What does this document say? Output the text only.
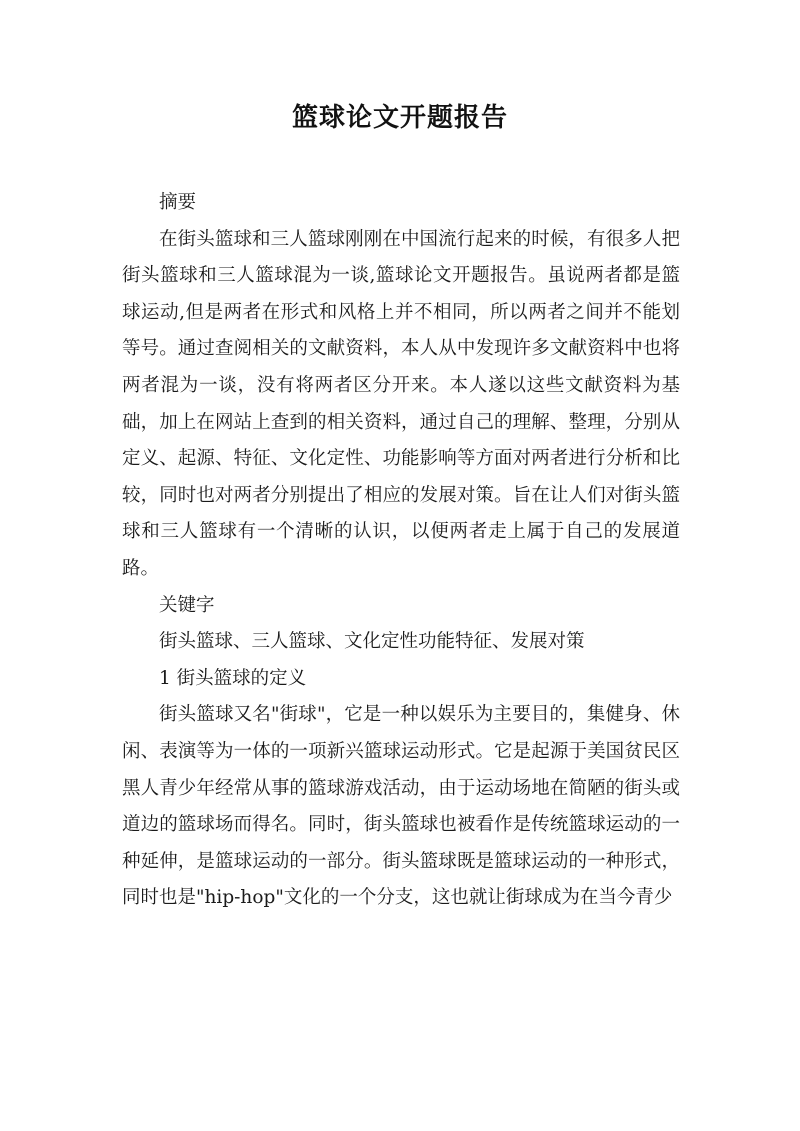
篮球论文开题报告

摘要

在街头篮球和三人篮球刚刚在中国流行起来的时候，有很多人把街头篮球和三人篮球混为一谈,篮球论文开题报告。虽说两者都是篮球运动,但是两者在形式和风格上并不相同，所以两者之间并不能划等号。通过查阅相关的文献资料，本人从中发现许多文献资料中也将两者混为一谈，没有将两者区分开来。本人遂以这些文献资料为基础，加上在网站上查到的相关资料，通过自己的理解、整理，分别从定义、起源、特征、文化定性、功能影响等方面对两者进行分析和比较，同时也对两者分别提出了相应的发展对策。旨在让人们对街头篮球和三人篮球有一个清晰的认识，以便两者走上属于自己的发展道路。

关键字

街头篮球、三人篮球、文化定性功能特征、发展对策

1 街头篮球的定义

街头篮球又名"街球"，它是一种以娱乐为主要目的，集健身、休闲、表演等为一体的一项新兴篮球运动形式。它是起源于美国贫民区黑人青少年经常从事的篮球游戏活动，由于运动场地在简陋的街头或道边的篮球场而得名。同时，街头篮球也被看作是传统篮球运动的一种延伸，是篮球运动的一部分。街头篮球既是篮球运动的一种形式，同时也是"hip-hop"文化的一个分支，这也就让街球成为在当今青少
